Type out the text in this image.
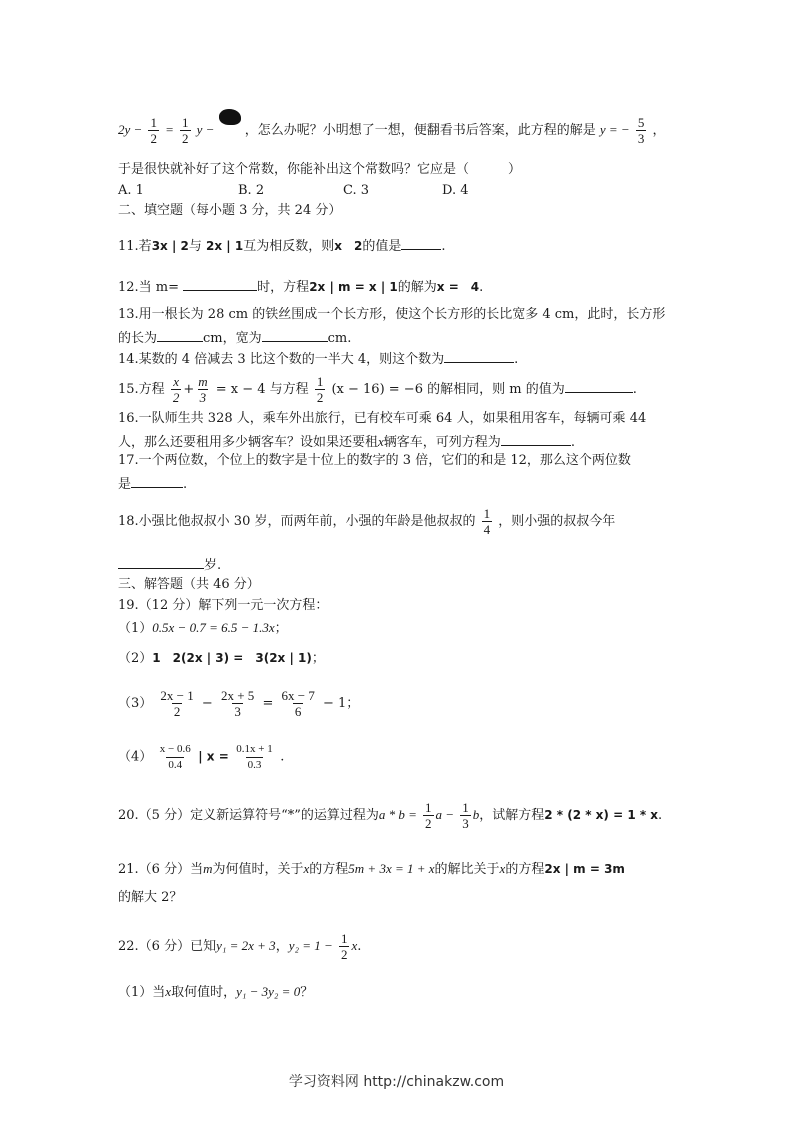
$2y - \frac{1}{2} = \frac{1}{2}$ y − ，怎么办呢？小明想了一想，便翻看书后答案，此方程的解是 y = − $\frac{5}{3}$ ，
于是很快就补好了这个常数，你能补出这个常数吗？它应是（　　　）
A. 1	B. 2	C. 3	D. 4
二、填空题（每小题 3 分，共 24 分）
11.若3x | 2与 2x | 1互为相反数，则x　2的值是	.
12.当 m=	时，方程2x | m = x | 1的解为x =　4.
13.用一根长为 28 cm 的铁丝围成一个长方形，使这个长方形的长比宽多 4 cm，此时，长方形
的长为	cm，宽为	cm.
14.某数的 4 倍减去 3 比这个数的一半大 4，则这个数为	.
15.方程 $\frac{x}{2} + \frac{m}{3} = x - 4$ 与方程 $\frac{1}{2} (x - 16) = -6$ 的解相同，则 m 的值为	.
16.一队师生共 328 人，乘车外出旅行，已有校车可乘 64 人，如果租用客车，每辆可乘 44
人，那么还要租用多少辆客车？设如果还要租x辆客车，可列方程为	.
17.一个两位数，个位上的数字是十位上的数字的 3 倍，它们的和是 12，那么这个两位数
是	.
18.小强比他叔叔小 30 岁，而两年前，小强的年龄是他叔叔的 $\frac{1}{4}$ ，则小强的叔叔今年
岁.
三、解答题（共 46 分）
19.（12 分）解下列一元一次方程：
（1）0.5x − 0.7 = 6.5 − 1.3x；
（2）1　2(2x | 3) =　3(2x | 1)；
$(3) \frac{2x - 1}{2} - \frac{2x + 5}{3} = \frac{6x - 7}{6} - 1$；
$(4) \frac{x - 0.6}{0.4}$ | $x = \frac{0.1x + 1}{0.3}$ .
20.（5 分）定义新运算符号“*”的运算过程为$a * b = \frac{1}{2}$ $a - \frac{1}{3}$ b，试解方程2 * (2 * x) = 1 * x.
21.（6 分）当m为何值时，关于x的方程5m + 3x = 1 + x的解比关于x的方程2x | m = 3m
的解大 2？
22.（6 分）已知y₁ = 2x + 3，$y_2 = 1 - \frac{1}{2} x$.
（1）当x取何值时，y₁ − 3y₂ = 0？
学习资料网 http://chinakzw.com
